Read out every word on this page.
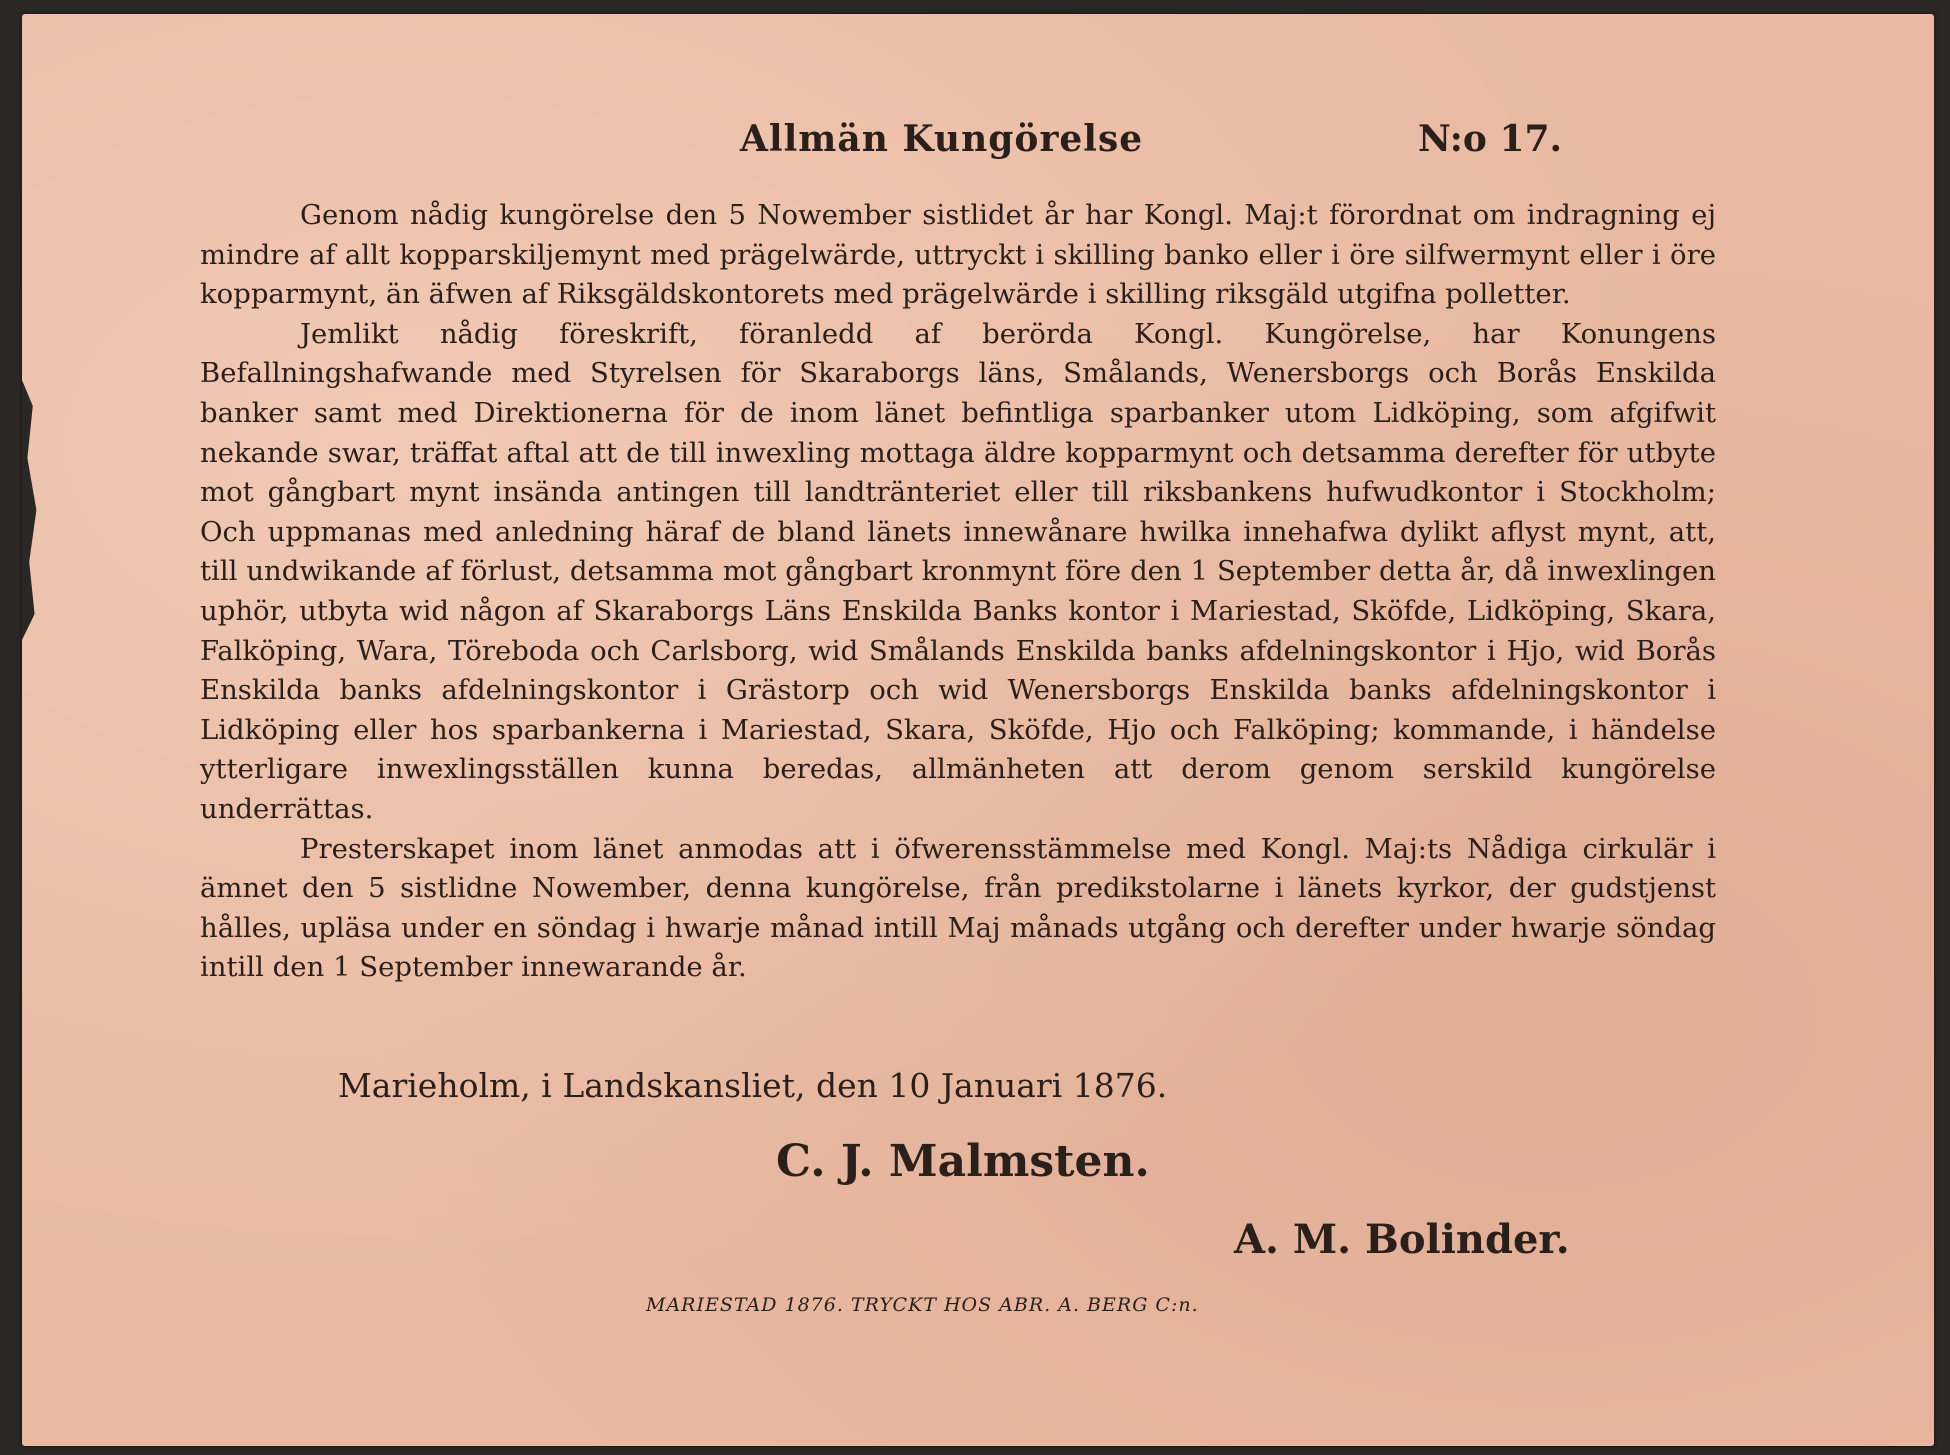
Allmän Kungörelse	N:o 17.

Genom nådig kungörelse den 5 Nowember sistlidet år har Kongl. Maj:t förordnat om indragning ej mindre af allt kopparskiljemynt med prägelwärde, uttryckt i skilling banko eller i öre silfwermynt eller i öre kopparmynt, än äfwen af Riksgäldskontorets med prägelwärde i skilling riksgäld utgifna polletter.

Jemlikt nådig föreskrift, föranledd af berörda Kongl. Kungörelse, har Konungens Befallningshafwande med Styrelsen för Skaraborgs läns, Smålands, Wenersborgs och Borås Enskilda banker samt med Direktionerna för de inom länet befintliga sparbanker utom Lidköping, som afgifwit nekande swar, träffat aftal att de till inwexling mottaga äldre kopparmynt och detsamma derefter för utbyte mot gångbart mynt insända antingen till landtränteriet eller till riksbankens hufwudkontor i Stockholm; Och uppmanas med anledning häraf de bland länets innewånare hwilka innehafwa dylikt aflyst mynt, att, till undwikande af förlust, detsamma mot gångbart kronmynt före den 1 September detta år, då inwexlingen uphör, utbyta wid någon af Skaraborgs Läns Enskilda Banks kontor i Mariestad, Sköfde, Lidköping, Skara, Falköping, Wara, Töreboda och Carlsborg, wid Smålands Enskilda banks afdelningskontor i Hjo, wid Borås Enskilda banks afdelningskontor i Grästorp och wid Wenersborgs Enskilda banks afdelningskontor i Lidköping eller hos sparbankerna i Mariestad, Skara, Sköfde, Hjo och Falköping; kommande, i händelse ytterligare inwexlingsställen kunna beredas, allmänheten att derom genom serskild kungörelse underrättas.

Presterskapet inom länet anmodas att i öfwerensstämmelse med Kongl. Maj:ts Nådiga cirkulär i ämnet den 5 sistlidne Nowember, denna kungörelse, från predikstolarne i länets kyrkor, der gudstjenst hålles, upläsa under en söndag i hwarje månad intill Maj månads utgång och derefter under hwarje söndag intill den 1 September innewarande år.

Marieholm, i Landskansliet, den 10 Januari 1876.
C. J. Malmsten.
A. M. Bolinder.
MARIESTAD 1876. TRYCKT HOS ABR. A. BERG C:n.
